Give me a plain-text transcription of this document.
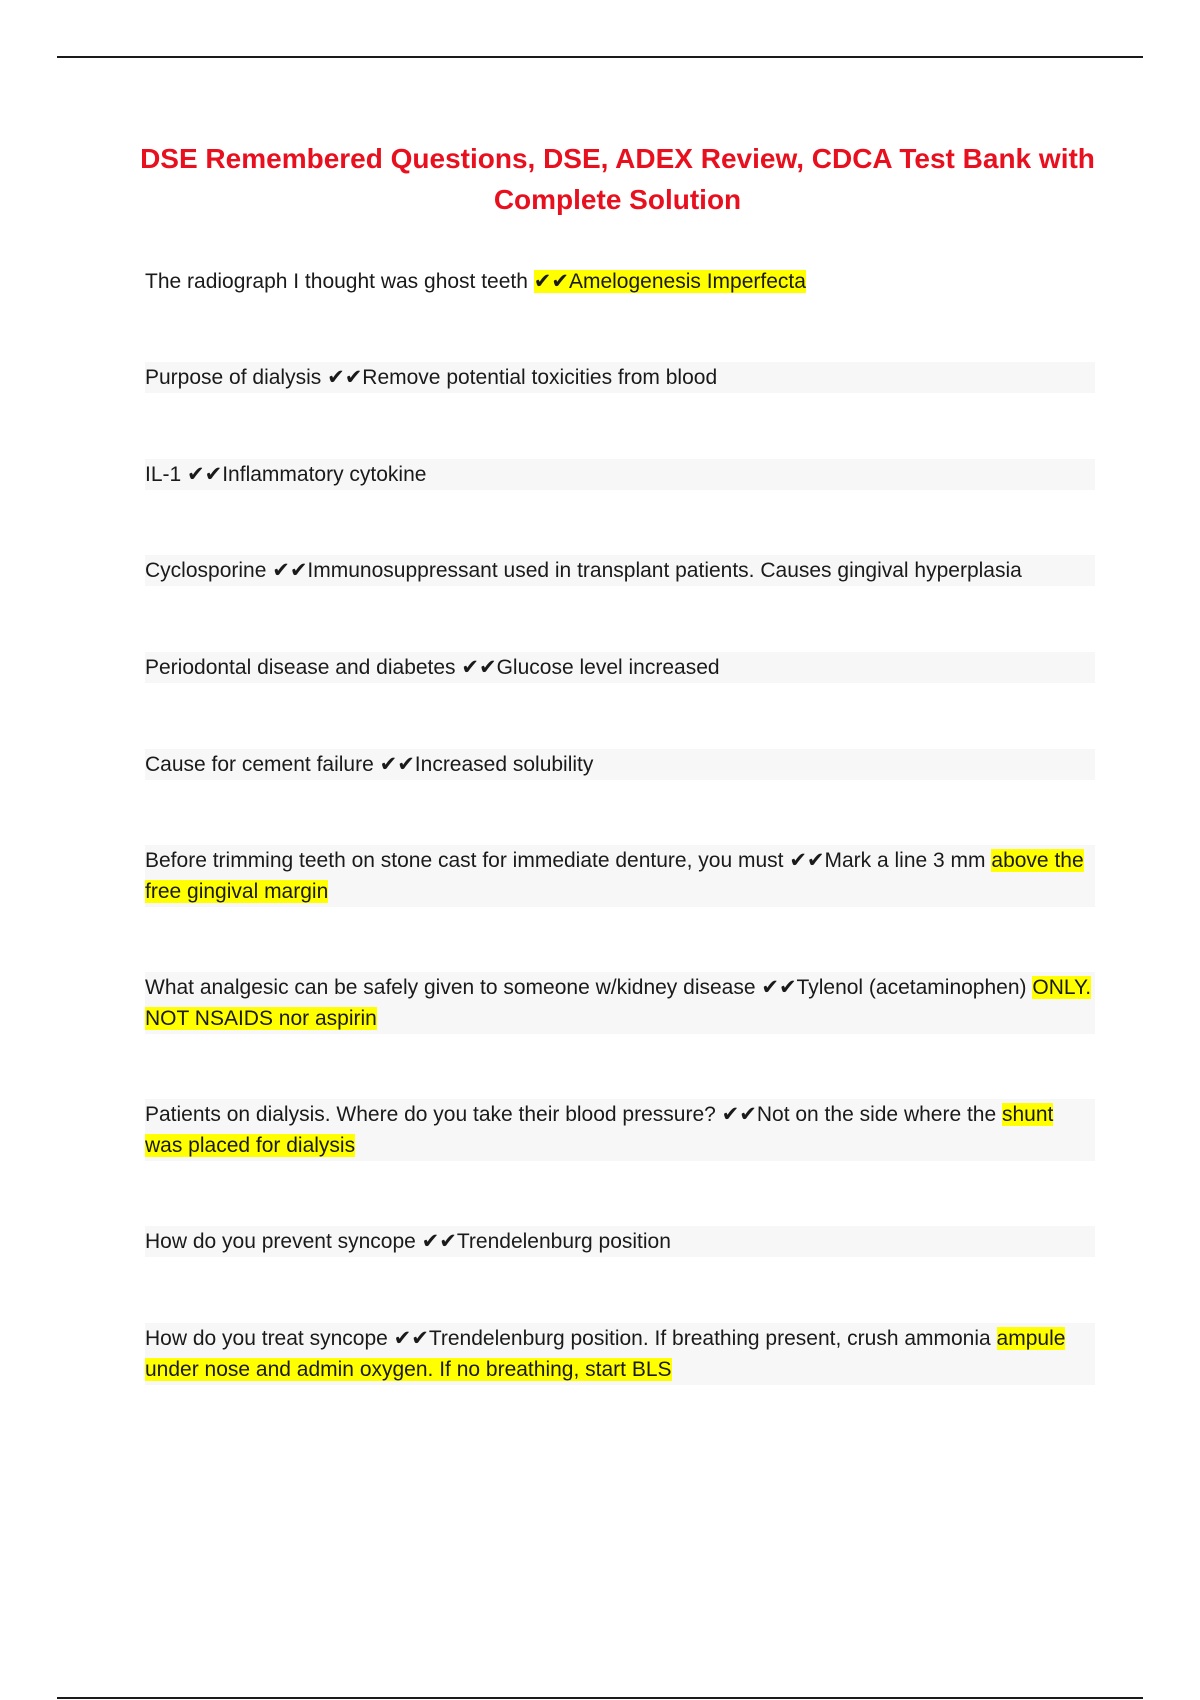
DSE Remembered Questions, DSE, ADEX Review, CDCA Test Bank with Complete Solution

The radiograph I thought was ghost teeth ✔✔Amelogenesis Imperfecta

Purpose of dialysis ✔✔Remove potential toxicities from blood

IL-1 ✔✔Inflammatory cytokine

Cyclosporine ✔✔Immunosuppressant used in transplant patients. Causes gingival hyperplasia

Periodontal disease and diabetes ✔✔Glucose level increased

Cause for cement failure ✔✔Increased solubility

Before trimming teeth on stone cast for immediate denture, you must ✔✔Mark a line 3 mm above the free gingival margin

What analgesic can be safely given to someone w/kidney disease ✔✔Tylenol (acetaminophen) ONLY. NOT NSAIDS nor aspirin

Patients on dialysis. Where do you take their blood pressure? ✔✔Not on the side where the shunt was placed for dialysis

How do you prevent syncope ✔✔Trendelenburg position

How do you treat syncope ✔✔Trendelenburg position. If breathing present, crush ammonia ampule under nose and admin oxygen. If no breathing, start BLS
